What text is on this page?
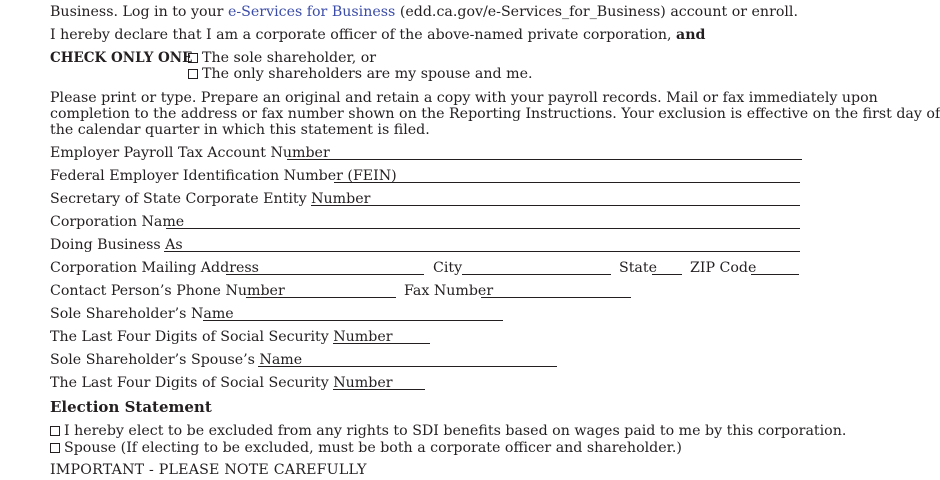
Business. Log in to your e-Services for Business (edd.ca.gov/e-Services_for_Business) account or enroll.
I hereby declare that I am a corporate officer of the above-named private corporation, and
CHECK ONLY ONE The sole shareholder, or
The only shareholders are my spouse and me.
Please print or type. Prepare an original and retain a copy with your payroll records. Mail or fax immediately upon
completion to the address or fax number shown on the Reporting Instructions. Your exclusion is effective on the first day of
the calendar quarter in which this statement is filed.
Employer Payroll Tax Account Number
Federal Employer Identification Number (FEIN)
Secretary of State Corporate Entity Number
Corporation Name
Doing Business As
Corporation Mailing Address	City	State ZIP Code
Contact Person’s Phone Number	Fax Number
Sole Shareholder’s Name
The Last Four Digits of Social Security Number
Sole Shareholder’s Spouse’s Name
The Last Four Digits of Social Security Number
Election Statement
I hereby elect to be excluded from any rights to SDI benefits based on wages paid to me by this corporation.
Spouse (If electing to be excluded, must be both a corporate officer and shareholder.)
IMPORTANT - PLEASE NOTE CAREFULLY
